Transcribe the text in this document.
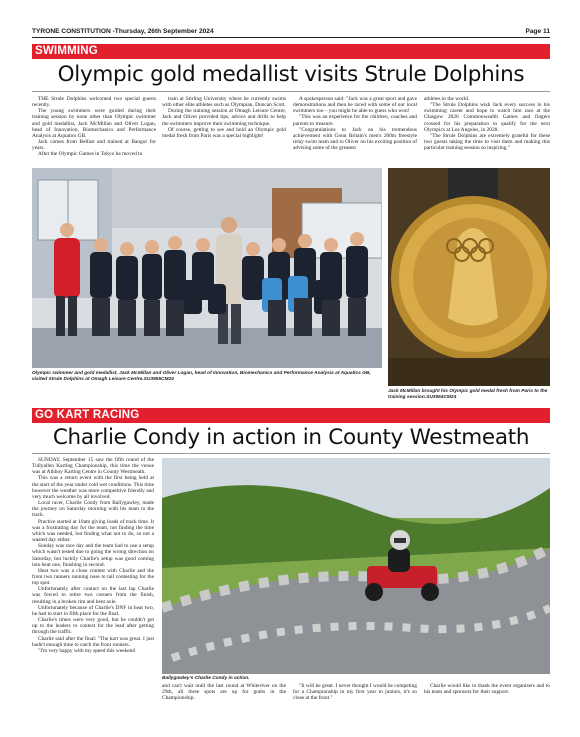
TYRONE CONSTITUTION -Thursday, 26th September 2024	Page 11
SWIMMING
Olympic gold medallist visits Strule Dolphins

THE Strule Dolphins welcomed two special guests recently.

The young swimmers were guided during their training session by none other than Olympic swimmer and gold medallist, Jack McMillan and Oliver Logan, head of Innovation, Biomechanics and Performance Analysis at Aquatics GB.

Jack comes from Belfast and trained at Bangor for years.

After the Olympic Games in Tokyo he moved to

train at Stirling University where he currently swims with other elite athletes such as Olympian, Duncan Scott.

During the training session at Omagh Leisure Centre, Jack and Oliver provided tips, advice and drills to help the swimmers improve their swimming technique.

Of course, getting to see and hold an Olympic gold medal fresh from Paris was a special highlight!

A spokesperson said: "Jack was a great sport and gave demonstrations and then he raced with some of our local swimmers too – you might be able to guess who won!

"This was an experience for the children, coaches and parents to treasure.

"Congratulations to Jack on his tremendous achievement with Great Britain's men's 200m freestyle relay swim team and to Oliver on his exciting position of advising some of the greatest

athletes in the world.

"The Strule Dolphins wish Jack every success in his swimming career and hope to watch him race at the Glasgow 2026 Commonwealth Games and fingers crossed for his preparation to qualify for the next Olympics at Los Angeles, in 2028.

"The Strule Dolphins are extremely grateful for these two guests taking the time to visit them and making this particular training session so inspiring."

Olympic swimmer and gold medallist, Jack McMillan and Oliver Logan, head of Innovation, Biomechanics and Performance Analysis at Aquatics GB, visited Strule Dolphins at Omagh Leisure Centre.SU3955CM24
Jack McMillan brought his Olympic gold medal fresh from Paris to the training session.SU3954CM24
GO KART RACING
Charlie Condy in action in County Westmeath

SUNDAY, September 15 saw the fifth round of the Tullyallen Karting Championship, this time the venue was at Athboy Karting Centre in County Westmeath.

This was a return event with the first being held at the start of the year under cold wet conditions. This time however the weather was more competitive friendly and very much welcome by all involved.

Local racer, Charlie Condy from Ballygawley, made the journey on Saturday morning with his team to the track.

Practice started at 10am giving loads of track time. It was a frustrating day for the team, not finding the time which was needed, but finding what not to do, so not a wasted day either.

Sunday was race day and the team had to use a setup which wasn't tested due to going the wrong direction on Saturday, but luckily Charlie's setup was good coming into heat one, finishing in second.

Heat two was a close contest with Charlie and the front two runners running nose to tail contesting for the top spot.

Unfortunately after contact on the last lap Charlie was forced to retire two corners from the finish, resulting in a broken rim and bent axle.

Unfortunately because of Charlie's DNF in heat two, he had to start in fifth place for the final.

Charlie's times were very good, but he couldn't get up to the leaders to contest for the lead after getting through the traffic.

Charlie said after the final: "The kart was great. I just hadn't enough time to catch the front runners.

"I'm very happy with my speed this weekend

Ballygawley's Charlie Condy in action.

and can't wait until the last round at Whiteriver on the 29th, all three spots are up for grabs in the Championship.

"It will be great. I never thought I would be competing for a Championship in my first year in juniors, it's so close at the front."

Charlie would like to thank the event organisers and to his team and sponsors for their support.
